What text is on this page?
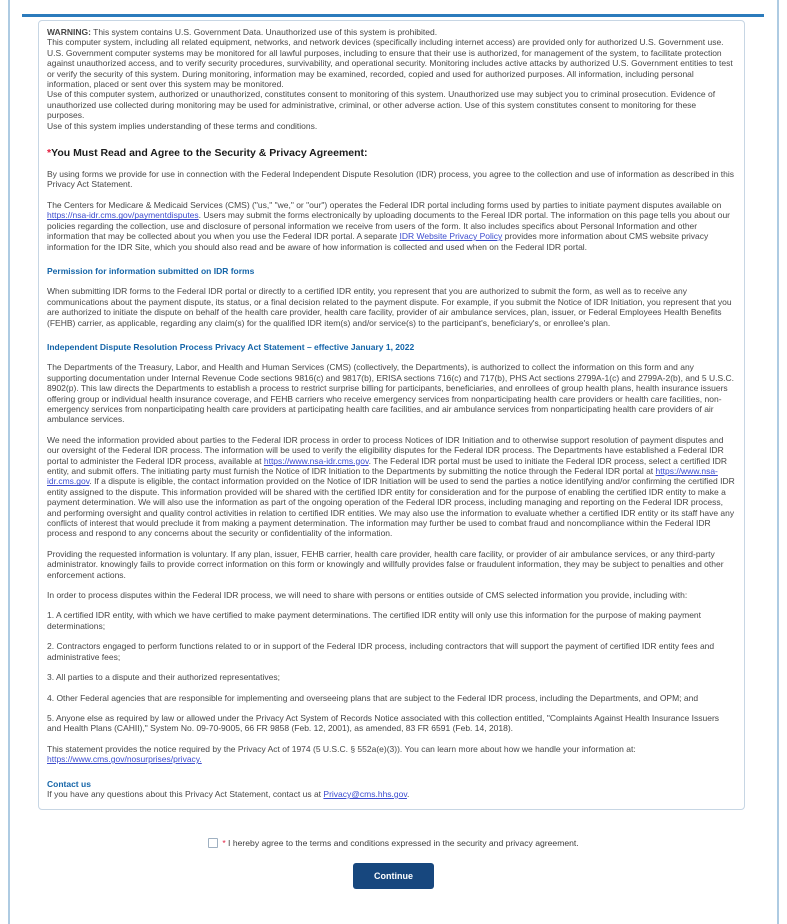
WARNING: This system contains U.S. Government Data. Unauthorized use of this system is prohibited.
This computer system, including all related equipment, networks, and network devices (specifically including internet access) are provided only for authorized U.S. Government use. U.S. Government computer systems may be monitored for all lawful purposes, including to ensure that their use is authorized, for management of the system, to facilitate protection against unauthorized access, and to verify security procedures, survivability, and operational security. Monitoring includes active attacks by authorized U.S. Government entities to test or verify the security of this system. During monitoring, information may be examined, recorded, copied and used for authorized purposes. All information, including personal information, placed or sent over this system may be monitored.
Use of this computer system, authorized or unauthorized, constitutes consent to monitoring of this system. Unauthorized use may subject you to criminal prosecution. Evidence of unauthorized use collected during monitoring may be used for administrative, criminal, or other adverse action. Use of this system constitutes consent to monitoring for these purposes.
Use of this system implies understanding of these terms and conditions.
*You Must Read and Agree to the Security & Privacy Agreement:

By using forms we provide for use in connection with the Federal Independent Dispute Resolution (IDR) process, you agree to the collection and use of information as described in this Privacy Act Statement.

The Centers for Medicare & Medicaid Services (CMS) ("us," "we," or "our") operates the Federal IDR portal including forms used by parties to initiate payment disputes available on https://nsa-idr.cms.gov/paymentdisputes. Users may submit the forms electronically by uploading documents to the Fereal IDR portal. The information on this page tells you about our policies regarding the collection, use and disclosure of personal information we receive from users of the form. It also includes specifics about Personal Information and other information that may be collected about you when you use the Federal IDR portal. A separate IDR Website Privacy Policy provides more information about CMS website privacy information for the IDR Site, which you should also read and be aware of how information is collected and used when on the Federal IDR portal.

Permission for information submitted on IDR forms

When submitting IDR forms to the Federal IDR portal or directly to a certified IDR entity, you represent that you are authorized to submit the form, as well as to receive any communications about the payment dispute, its status, or a final decision related to the payment dispute. For example, if you submit the Notice of IDR Initiation, you represent that you are authorized to initiate the dispute on behalf of the health care provider, health care facility, provider of air ambulance services, plan, issuer, or Federal Employees Health Benefits (FEHB) carrier, as applicable, regarding any claim(s) for the qualified IDR item(s) and/or service(s) to the participant's, beneficiary's, or enrollee's plan.

Independent Dispute Resolution Process Privacy Act Statement – effective January 1, 2022

The Departments of the Treasury, Labor, and Health and Human Services (CMS) (collectively, the Departments), is authorized to collect the information on this form and any supporting documentation under Internal Revenue Code sections 9816(c) and 9817(b), ERISA sections 716(c) and 717(b), PHS Act sections 2799A-1(c) and 2799A-2(b), and 5 U.S.C. 8902(p). This law directs the Departments to establish a process to restrict surprise billing for participants, beneficiaries, and enrollees of group health plans, health insurance issuers offering group or individual health insurance coverage, and FEHB carriers who receive emergency services from nonparticipating health care providers or health care facilities, non-emergency services from nonparticipating health care providers at participating health care facilities, and air ambulance services from nonparticipating health care providers of air ambulance services.

We need the information provided about parties to the Federal IDR process in order to process Notices of IDR Initiation and to otherwise support resolution of payment disputes and our oversight of the Federal IDR process. The information will be used to verify the eligibility disputes for the Federal IDR process. The Departments have established a Federal IDR portal to administer the Federal IDR process, available at https://www.nsa-idr.cms.gov. The Federal IDR portal must be used to initiate the Federal IDR process, select a certified IDR entity, and submit offers. The initiating party must furnish the Notice of IDR Initiation to the Departments by submitting the notice through the Federal IDR portal at https://www.nsa-idr.cms.gov. If a dispute is eligible, the contact information provided on the Notice of IDR Initiation will be used to send the parties a notice identifying and/or confirming the certified IDR entity assigned to the dispute. This information provided will be shared with the certified IDR entity for consideration and for the purpose of enabling the certified IDR entity to make a payment determination. We will also use the information as part of the ongoing operation of the Federal IDR process, including managing and reporting on the Federal IDR process, and performing oversight and quality control activities in relation to certified IDR entities. We may also use the information to evaluate whether a certified IDR entity or its staff have any conflicts of interest that would preclude it from making a payment determination. The information may further be used to combat fraud and noncompliance within the Federal IDR process and respond to any concerns about the security or confidentiality of the information.

Providing the requested information is voluntary. If any plan, issuer, FEHB carrier, health care provider, health care facility, or provider of air ambulance services, or any third-party administrator. knowingly fails to provide correct information on this form or knowingly and willfully provides false or fraudulent information, they may be subject to penalties and other enforcement actions.

In order to process disputes within the Federal IDR process, we will need to share with persons or entities outside of CMS selected information you provide, including with:

1. A certified IDR entity, with which we have certified to make payment determinations. The certified IDR entity will only use this information for the purpose of making payment determinations;

2. Contractors engaged to perform functions related to or in support of the Federal IDR process, including contractors that will support the payment of certified IDR entity fees and administrative fees;

3. All parties to a dispute and their authorized representatives;

4. Other Federal agencies that are responsible for implementing and overseeing plans that are subject to the Federal IDR process, including the Departments, and OPM; and

5. Anyone else as required by law or allowed under the Privacy Act System of Records Notice associated with this collection entitled, "Complaints Against Health Insurance Issuers and Health Plans (CAHII)," System No. 09-70-9005, 66 FR 9858 (Feb. 12, 2001), as amended, 83 FR 6591 (Feb. 14, 2018).

This statement provides the notice required by the Privacy Act of 1974 (5 U.S.C. § 552a(e)(3)). You can learn more about how we handle your information at:

https://www.cms.gov/nosurprises/privacy.
Contact us
If you have any questions about this Privacy Act Statement, contact us at Privacy@cms.hhs.gov.
* I hereby agree to the terms and conditions expressed in the security and privacy agreement.
Continue
